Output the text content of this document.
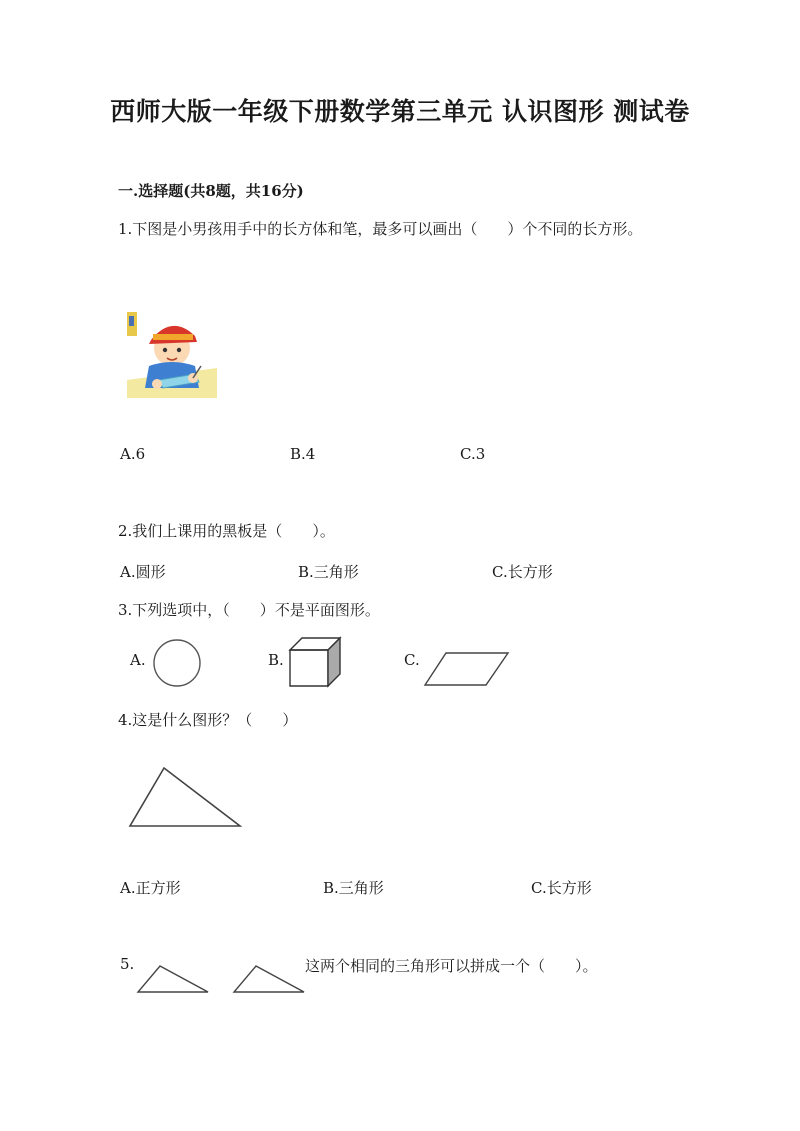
西师大版一年级下册数学第三单元 认识图形 测试卷
一.选择题(共8题，共16分)
1.下图是小男孩用手中的长方体和笔，最多可以画出（　　）个不同的长方形。
A.6	B.4	C.3
2.我们上课用的黑板是（　　）。
A.圆形	B.三角形	C.长方形
3.下列选项中，（　　）不是平面图形。
A.	B.	C.
4.这是什么图形？（　　）
A.正方形	B.三角形	C.长方形
5.	这两个相同的三角形可以拼成一个（　　）。
